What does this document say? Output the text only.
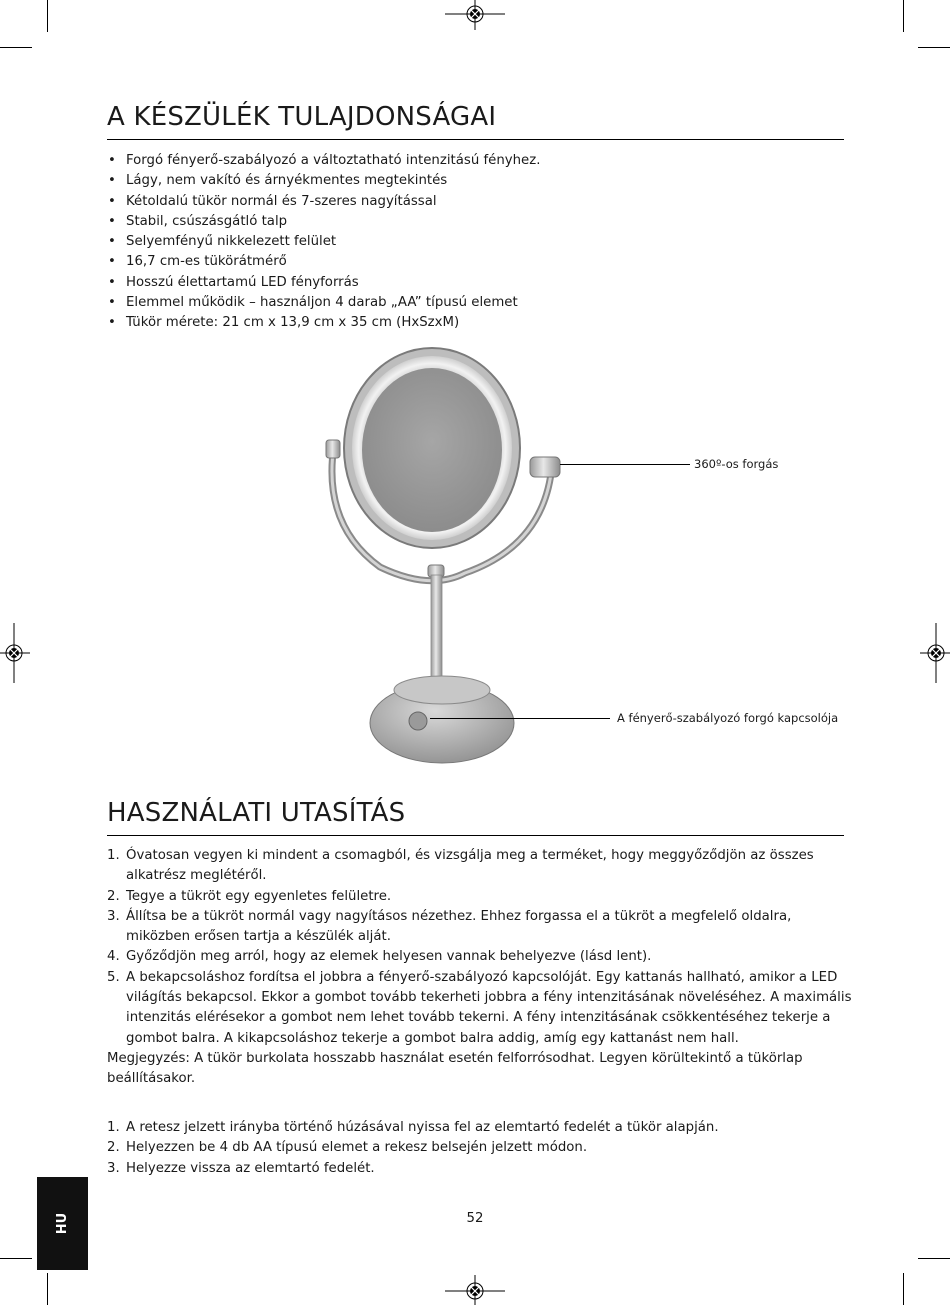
A KÉSZÜLÉK TULAJDONSÁGAI
• Forgó fényerő-szabályozó a változtatható intenzitású fényhez.
• Lágy, nem vakító és árnyékmentes megtekintés
• Kétoldalú tükör normál és 7-szeres nagyítással
• Stabil, csúszásgátló talp
• Selyemfényű nikkelezett felület
• 16,7 cm-es tükörátmérő
• Hosszú élettartamú LED fényforrás
• Elemmel működik – használjon 4 darab „AA” típusú elemet
• Tükör mérete: 21 cm x 13,9 cm x 35 cm (HxSzxM)
360º-os forgás
A fényerő-szabályozó forgó kapcsolója
HASZNÁLATI UTASÍTÁS
1. Óvatosan vegyen ki mindent a csomagból, és vizsgálja meg a terméket, hogy meggyőződjön az összes alkatrész meglétéről.
2. Tegye a tükröt egy egyenletes felületre.
3. Állítsa be a tükröt normál vagy nagyításos nézethez. Ehhez forgassa el a tükröt a megfelelő oldalra, miközben erősen tartja a készülék alját.
4. Győződjön meg arról, hogy az elemek helyesen vannak behelyezve (lásd lent).
5. A bekapcsoláshoz fordítsa el jobbra a fényerő-szabályozó kapcsolóját. Egy kattanás hallható, amikor a LED világítás bekapcsol. Ekkor a gombot tovább tekerheti jobbra a fény intenzitásának növeléséhez. A maximális intenzitás elérésekor a gombot nem lehet tovább tekerni. A fény intenzitásának csökkentéséhez tekerje a gombot balra. A kikapcsoláshoz tekerje a gombot balra addig, amíg egy kattanást nem hall.
Megjegyzés: A tükör burkolata hosszabb használat esetén felforrósodhat. Legyen körültekintő a tükörlap beállításakor.
1. A retesz jelzett irányba történő húzásával nyissa fel az elemtartó fedelét a tükör alapján.
2. Helyezzen be 4 db AA típusú elemet a rekesz belsején jelzett módon.
3. Helyezze vissza az elemtartó fedelét.
HU	52
